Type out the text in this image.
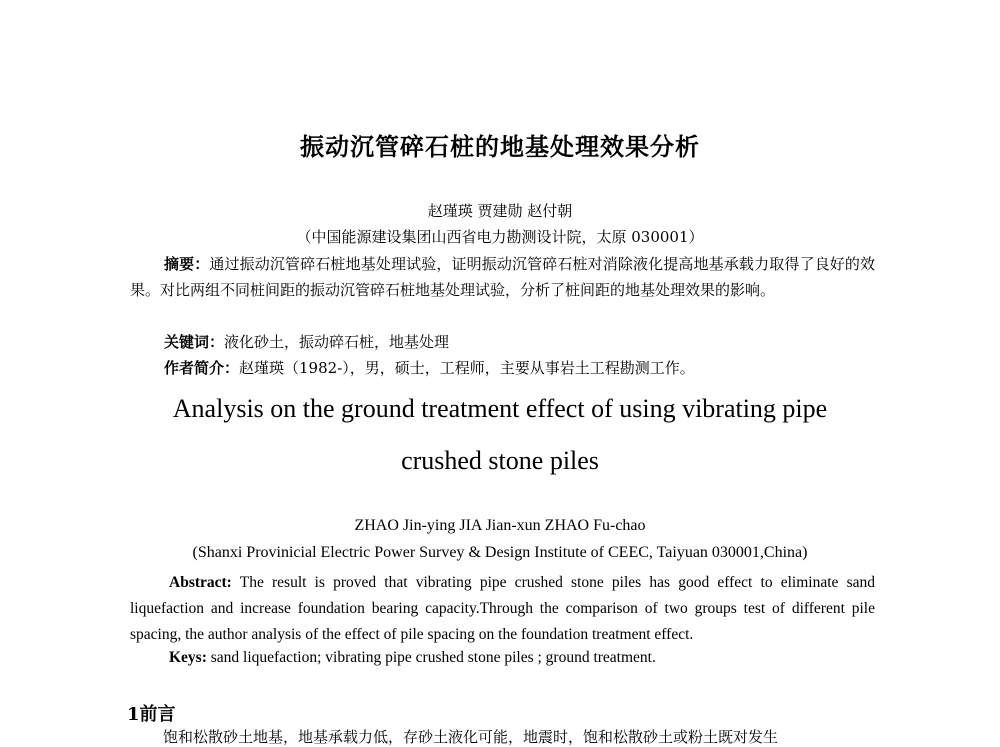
振动沉管碎石桩的地基处理效果分析
赵瑾瑛 贾建勋 赵付朝
（中国能源建设集团山西省电力勘测设计院，太原 030001）
摘要：通过振动沉管碎石桩地基处理试验，证明振动沉管碎石桩对消除液化提高地基承载力取得了良好的效果。对比两组不同桩间距的振动沉管碎石桩地基处理试验，分析了桩间距的地基处理效果的影响。
关键词：液化砂土，振动碎石桩，地基处理
作者简介：赵瑾瑛（1982-），男，硕士，工程师，主要从事岩土工程勘测工作。
Analysis on the ground treatment effect of using vibrating pipe
crushed stone piles
ZHAO Jin-ying JIA Jian-xun ZHAO Fu-chao
(Shanxi Provinicial Electric Power Survey & Design Institute of CEEC, Taiyuan 030001,China)
Abstract: The result is proved that vibrating pipe crushed stone piles has good effect to eliminate sand liquefaction and increase foundation bearing capacity.Through the comparison of two groups test of different pile spacing, the author analysis of the effect of pile spacing on the foundation treatment effect.
Keys: sand liquefaction; vibrating pipe crushed stone piles ; ground treatment.
1前言
饱和松散砂土地基，地基承载力低，存砂土液化可能，地震时，饱和松散砂土或粉土既对发生
